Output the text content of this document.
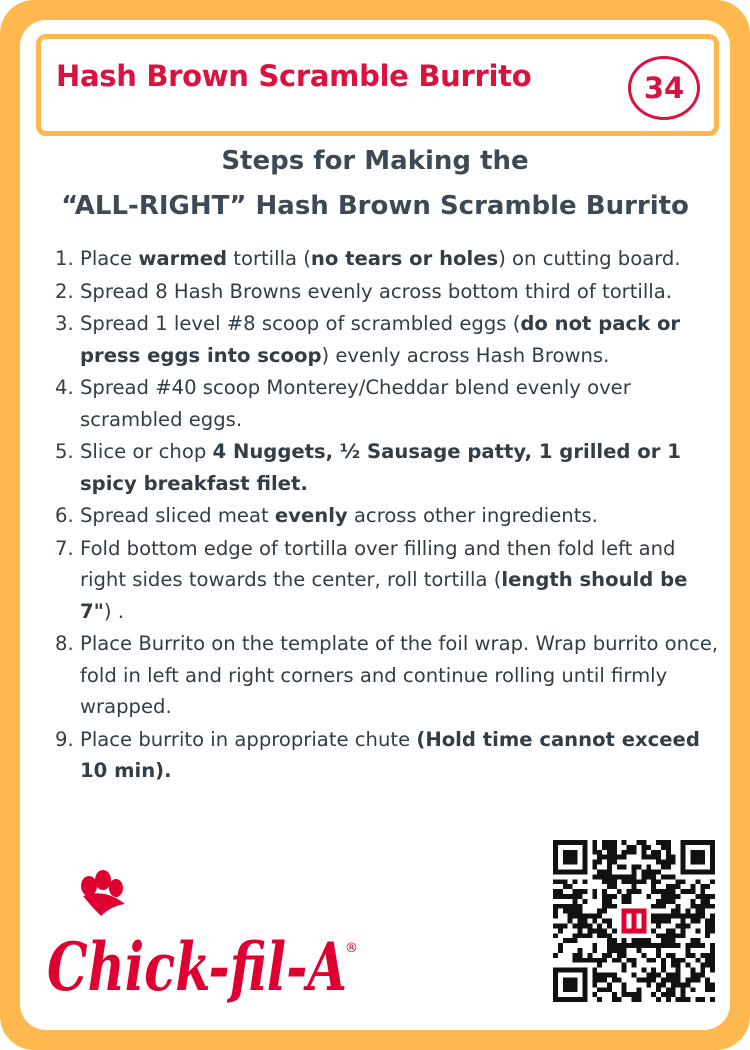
Hash Brown Scramble Burrito	34
Steps for Making the
“ALL-RIGHT” Hash Brown Scramble Burrito
1. Place warmed tortilla (no tears or holes) on cutting board.
2. Spread 8 Hash Browns evenly across bottom third of tortilla.
3. Spread 1 level #8 scoop of scrambled eggs (do not pack or press eggs into scoop) evenly across Hash Browns.
4. Spread #40 scoop Monterey/Cheddar blend evenly over scrambled eggs.
5. Slice or chop 4 Nuggets, ½ Sausage patty, 1 grilled or 1 spicy breakfast filet.
6. Spread sliced meat evenly across other ingredients.
7. Fold bottom edge of tortilla over filling and then fold left and right sides towards the center, roll tortilla (length should be 7") .
8. Place Burrito on the template of the foil wrap. Wrap burrito once, fold in left and right corners and continue rolling until firmly wrapped.
9. Place burrito in appropriate chute (Hold time cannot exceed 10 min).
Chick-fil-A
®
